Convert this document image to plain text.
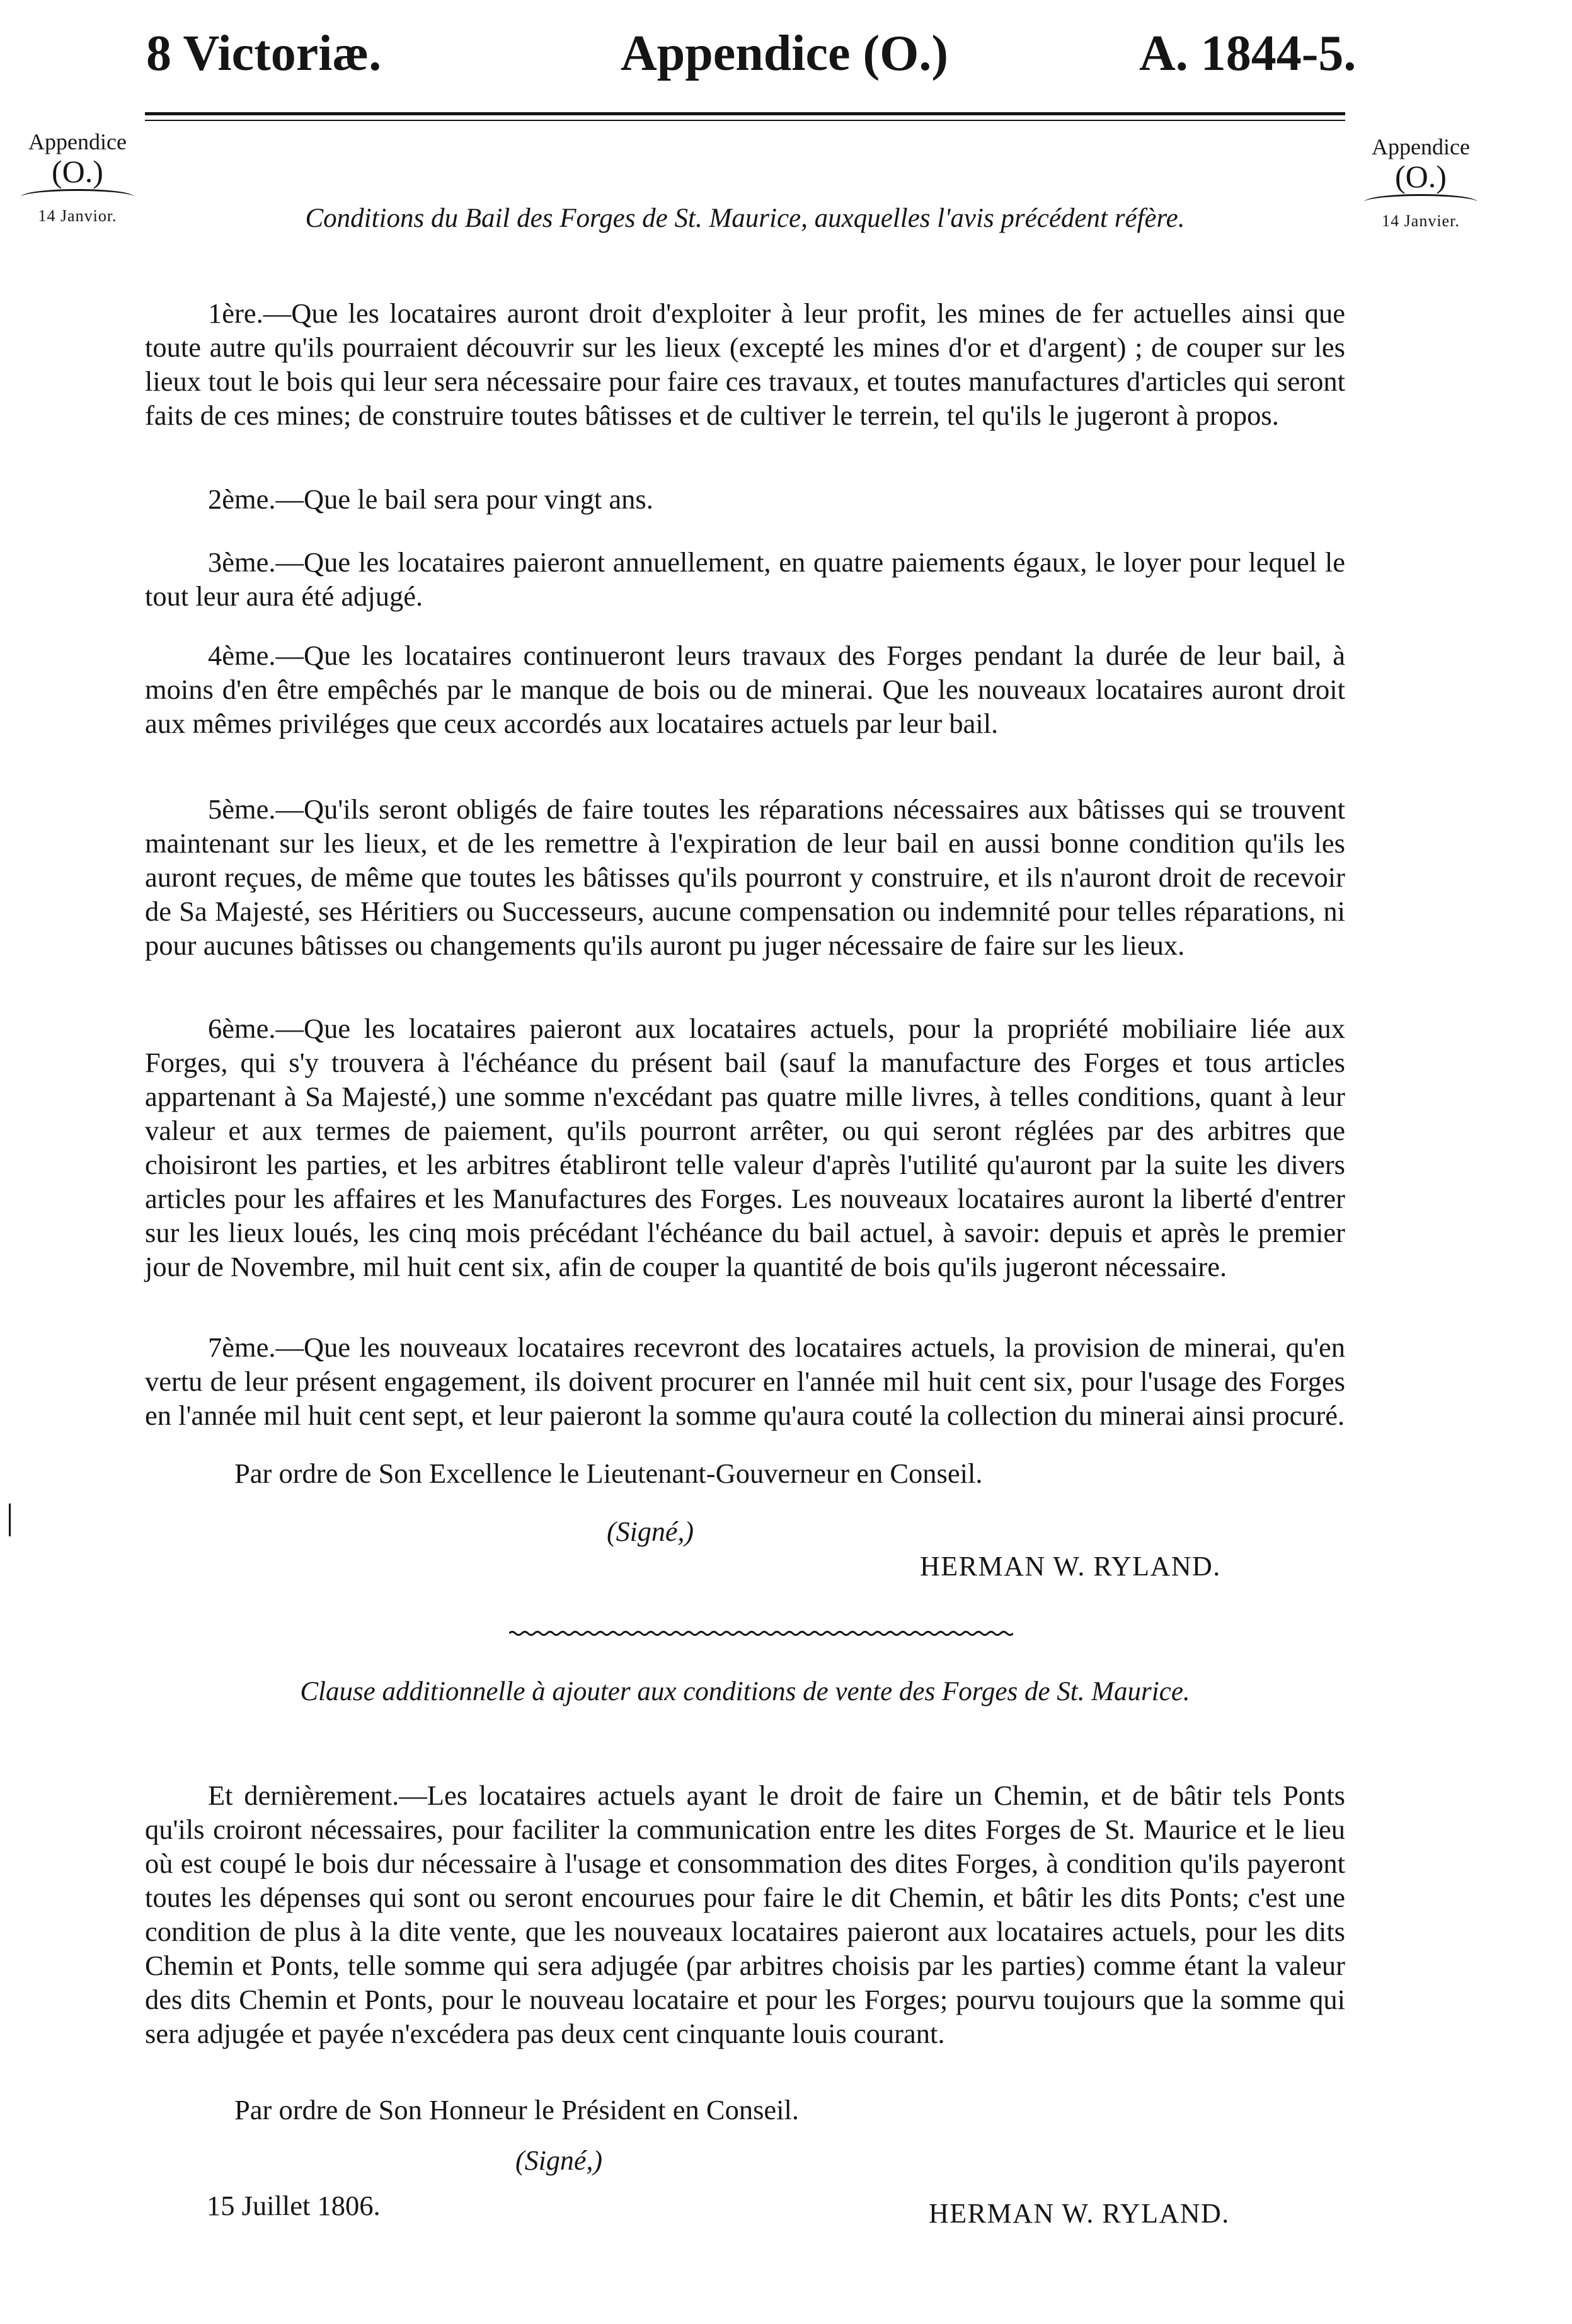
8 Victoriæ.	Appendice (O.)	A. 1844-5.
Appendice
(O.)
14 Janvior.
Appendice
(O.)
14 Janvier.
Conditions du Bail des Forges de St. Maurice, auxquelles l'avis précédent réfère.

1ère.—Que les locataires auront droit d'exploiter à leur profit, les mines de fer actuelles ainsi que toute autre qu'ils pourraient découvrir sur les lieux (excepté les mines d'or et d'argent) ; de couper sur les lieux tout le bois qui leur sera nécessaire pour faire ces travaux, et toutes manufactures d'articles qui seront faits de ces mines; de construire toutes bâtisses et de cultiver le terrein, tel qu'ils le jugeront à propos.

2ème.—Que le bail sera pour vingt ans.

3ème.—Que les locataires paieront annuellement, en quatre paiements égaux, le loyer pour lequel le tout leur aura été adjugé.

4ème.—Que les locataires continueront leurs travaux des Forges pendant la durée de leur bail, à moins d'en être empêchés par le manque de bois ou de minerai. Que les nouveaux locataires auront droit aux mêmes priviléges que ceux accordés aux locataires actuels par leur bail.

5ème.—Qu'ils seront obligés de faire toutes les réparations nécessaires aux bâtisses qui se trouvent maintenant sur les lieux, et de les remettre à l'expiration de leur bail en aussi bonne condition qu'ils les auront reçues, de même que toutes les bâtisses qu'ils pourront y construire, et ils n'auront droit de recevoir de Sa Majesté, ses Héritiers ou Successeurs, aucune compensation ou indemnité pour telles réparations, ni pour aucunes bâtisses ou changements qu'ils auront pu juger nécessaire de faire sur les lieux.

6ème.—Que les locataires paieront aux locataires actuels, pour la propriété mobiliaire liée aux Forges, qui s'y trouvera à l'échéance du présent bail (sauf la manufacture des Forges et tous articles appartenant à Sa Majesté,) une somme n'excédant pas quatre mille livres, à telles conditions, quant à leur valeur et aux termes de paiement, qu'ils pourront arrêter, ou qui seront réglées par des arbitres que choisiront les parties, et les arbitres établiront telle valeur d'après l'utilité qu'auront par la suite les divers articles pour les affaires et les Manufactures des Forges. Les nouveaux locataires auront la liberté d'entrer sur les lieux loués, les cinq mois précédant l'échéance du bail actuel, à savoir: depuis et après le premier jour de Novembre, mil huit cent six, afin de couper la quantité de bois qu'ils jugeront nécessaire.

7ème.—Que les nouveaux locataires recevront des locataires actuels, la provision de minerai, qu'en vertu de leur présent engagement, ils doivent procurer en l'année mil huit cent six, pour l'usage des Forges en l'année mil huit cent sept, et leur paieront la somme qu'aura couté la collection du minerai ainsi procuré.

Par ordre de Son Excellence le Lieutenant-Gouverneur en Conseil.
(Signé,)
HERMAN W. RYLAND.
Clause additionnelle à ajouter aux conditions de vente des Forges de St. Maurice.

Et dernièrement.—Les locataires actuels ayant le droit de faire un Chemin, et de bâtir tels Ponts qu'ils croiront nécessaires, pour faciliter la communication entre les dites Forges de St. Maurice et le lieu où est coupé le bois dur nécessaire à l'usage et consommation des dites Forges, à condition qu'ils payeront toutes les dépenses qui sont ou seront encourues pour faire le dit Chemin, et bâtir les dits Ponts; c'est une condition de plus à la dite vente, que les nouveaux locataires paieront aux locataires actuels, pour les dits Chemin et Ponts, telle somme qui sera adjugée (par arbitres choisis par les parties) comme étant la valeur des dits Chemin et Ponts, pour le nouveau locataire et pour les Forges; pourvu toujours que la somme qui sera adjugée et payée n'excédera pas deux cent cinquante louis courant.

Par ordre de Son Honneur le Président en Conseil.
(Signé,)
15 Juillet 1806.	HERMAN W. RYLAND.
